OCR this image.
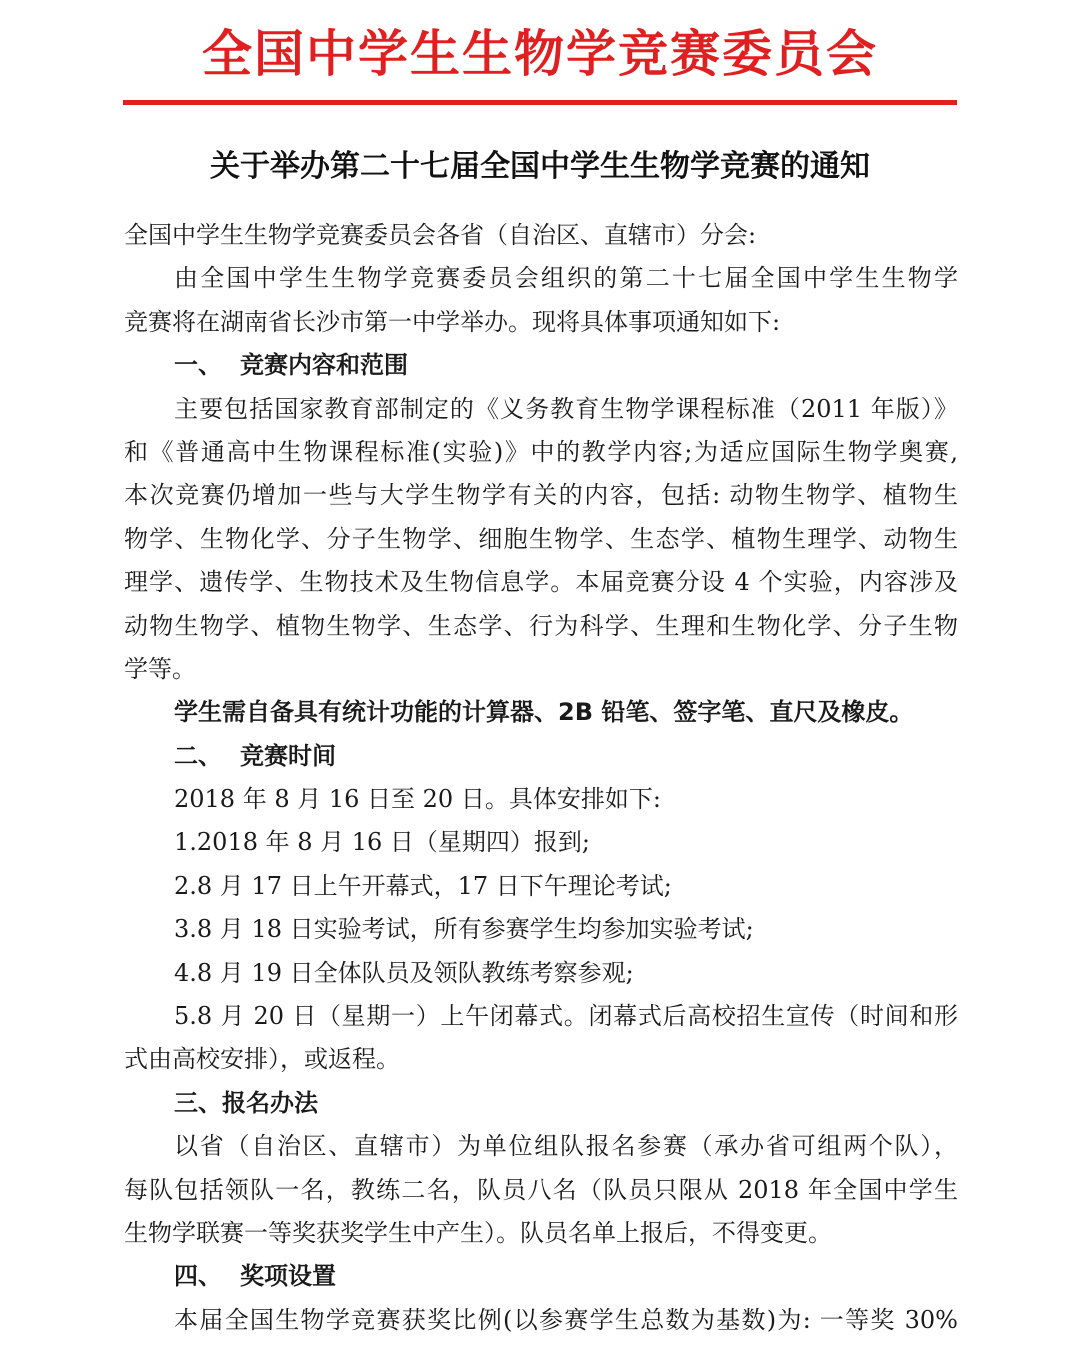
全国中学生生物学竞赛委员会
关于举办第二十七届全国中学生生物学竞赛的通知
全国中学生生物学竞赛委员会各省（自治区、直辖市）分会:
由全国中学生生物学竞赛委员会组织的第二十七届全国中学生生物学
竞赛将在湖南省长沙市第一中学举办。现将具体事项通知如下:
一、 竞赛内容和范围
主要包括国家教育部制定的《义务教育生物学课程标准（2011 年版）》
和《普通高中生物课程标准(实验)》中的教学内容;为适应国际生物学奥赛,
本次竞赛仍增加一些与大学生物学有关的内容，包括: 动物生物学、植物生
物学、生物化学、分子生物学、细胞生物学、生态学、植物生理学、动物生
理学、遗传学、生物技术及生物信息学。本届竞赛分设 4 个实验，内容涉及
动物生物学、植物生物学、生态学、行为科学、生理和生物化学、分子生物
学等。
学生需自备具有统计功能的计算器、2B 铅笔、签字笔、直尺及橡皮。
二、 竞赛时间
2018 年 8 月 16 日至 20 日。具体安排如下:
1.2018 年 8 月 16 日（星期四）报到;
2.8 月 17 日上午开幕式，17 日下午理论考试;
3.8 月 18 日实验考试，所有参赛学生均参加实验考试;
4.8 月 19 日全体队员及领队教练考察参观;
5.8 月 20 日（星期一）上午闭幕式。闭幕式后高校招生宣传（时间和形
式由高校安排），或返程。
三、报名办法
以省（自治区、直辖市）为单位组队报名参赛（承办省可组两个队），
每队包括领队一名，教练二名，队员八名（队员只限从 2018 年全国中学生
生物学联赛一等奖获奖学生中产生）。队员名单上报后，不得变更。
四、 奖项设置
本届全国生物学竞赛获奖比例(以参赛学生总数为基数)为: 一等奖 30%
